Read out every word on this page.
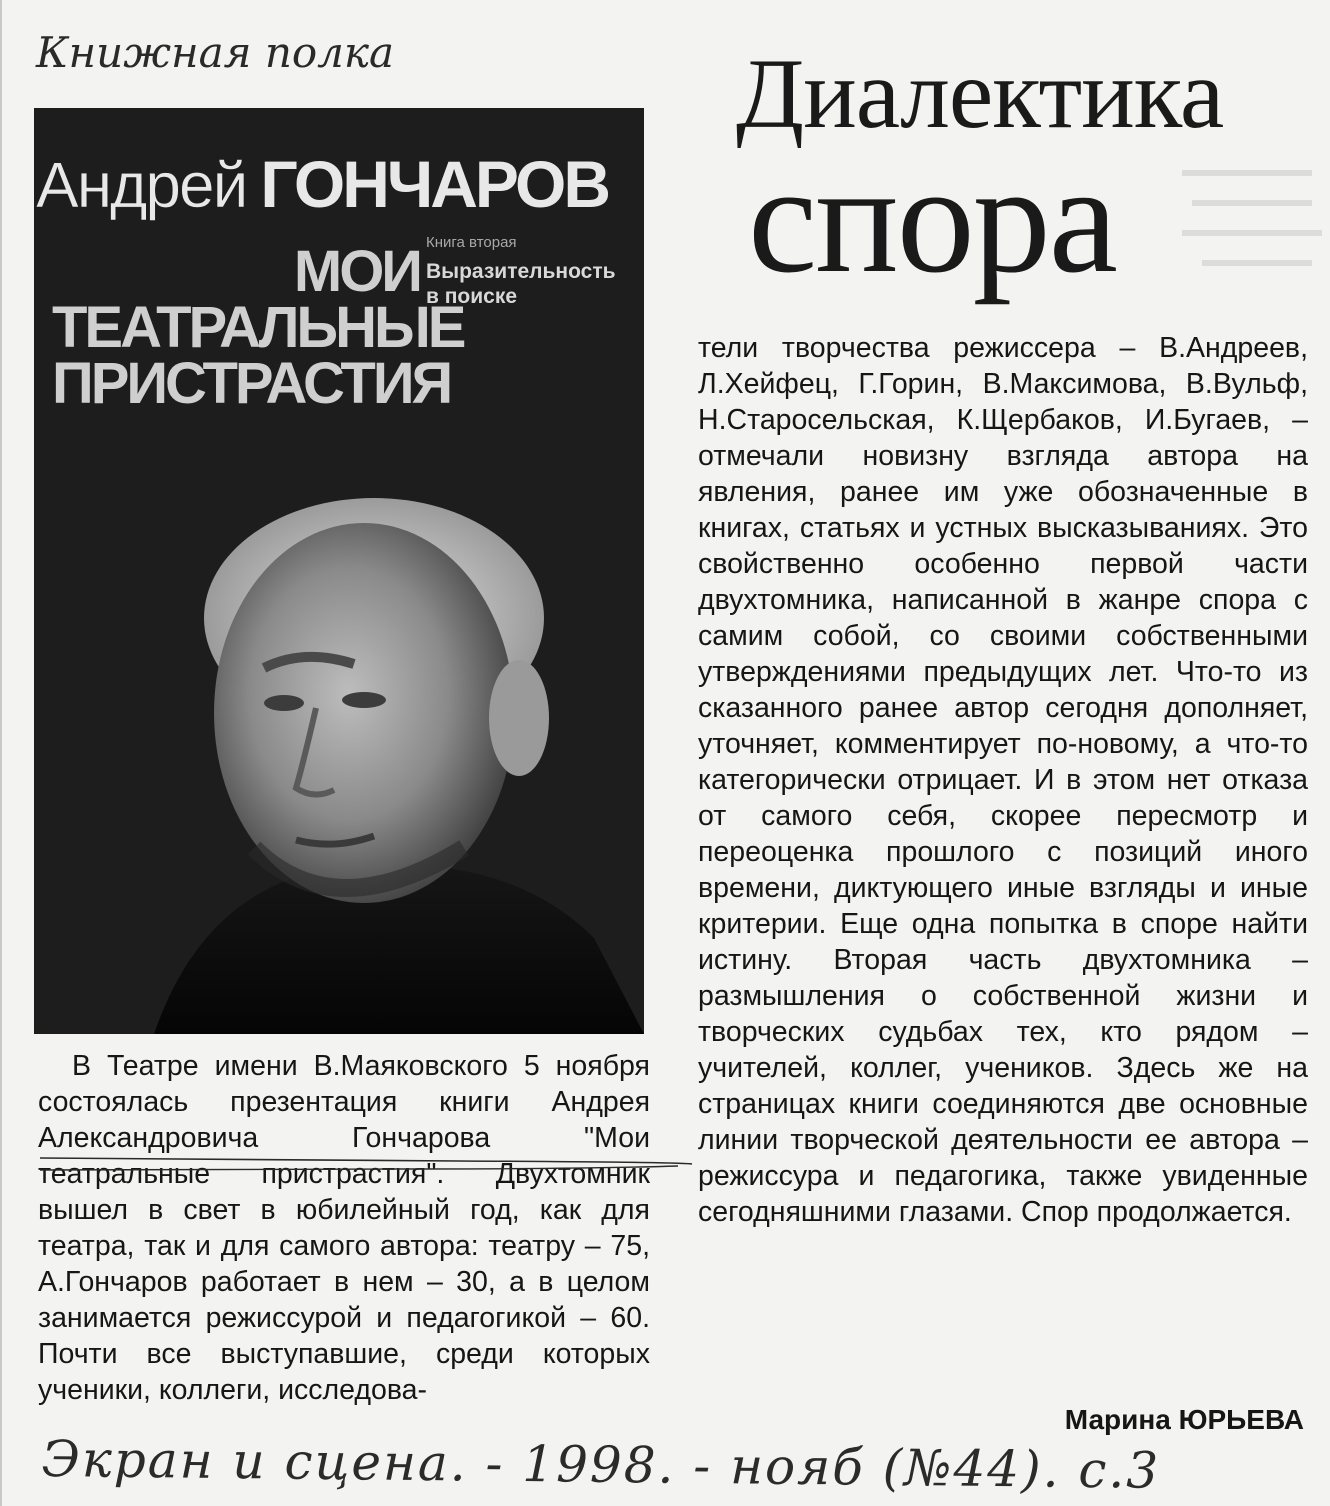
Книжная полка	Диалектика
спора
Андрей ГОНЧАРОВ
МОИ
ТЕАТРАЛЬНЫЕ
ПРИСТРАСТИЯ
Книга вторая
Выразительность
в поиске

В Театре имени В.Маяковского 5 ноября состоялась презентация книги Андрея Александровича Гончарова "Мои театральные пристрастия". Двухтомник вышел в свет в юбилейный год, как для театра, так и для самого автора: театру – 75, А.Гончаров работает в нем – 30, а в целом занимается режиссурой и педагогикой – 60. Почти все выступавшие, среди которых ученики, коллеги, исследова-

тели творчества режиссера – В.Андреев, Л.Хейфец, Г.Горин, В.Максимова, В.Вульф, Н.Старосельская, К.Щербаков, И.Бугаев, – отмечали новизну взгляда автора на явления, ранее им уже обозначенные в книгах, статьях и устных высказываниях. Это свойственно особенно первой части двухтомника, написанной в жанре спора с самим собой, со своими собственными утверждениями предыдущих лет. Что-то из сказанного ранее автор сегодня дополняет, уточняет, комментирует по-новому, а что-то категорически отрицает. И в этом нет отказа от самого себя, скорее пересмотр и переоценка прошлого с позиций иного времени, диктующего иные взгляды и иные критерии. Еще одна попытка в споре найти истину. Вторая часть двухтомника – размышления о собственной жизни и творческих судьбах тех, кто рядом – учителей, коллег, учеников. Здесь же на страницах книги соединяются две основные линии творческой деятельности ее автора – режиссура и педагогика, также увиденные сегодняшними глазами. Спор продолжается.

Марина ЮРЬЕВА
Экран и сцена. - 1998. - нояб (№44). с.3
